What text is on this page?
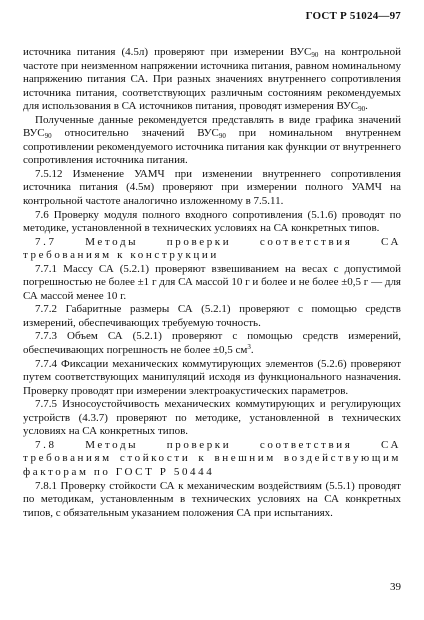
ГОСТ Р 51024—97

источника питания (4.5л) проверяют при измерении $ВУС_{90}$ на контрольной частоте при неизменном напряжении источника питания, равном номинальному напряжению питания СА. При разных значениях внутреннего сопротивления источника питания, соответствующих различным состояниям рекомендуемых для использования в СА источников питания, проводят измерения $ВУС_{90}$.

Полученные данные рекомендуется представлять в виде графика значений $ВУС_{90}$ относительно значений $ВУС_{90}$ при номинальном внутреннем сопротивлении рекомендуемого источника питания как функции от внутреннего сопротивления источника питания.

7.5.12 Изменение УАМЧ при изменении внутреннего сопротивления источника питания (4.5м) проверяют при измерении полного УАМЧ на контрольной частоте аналогично изложенному в 7.5.11.

7.6 Проверку модуля полного входного сопротивления (5.1.6) проводят по методике, установленной в технических условиях на СА конкретных типов.

7.7 Методы проверки соответствия СА требованиям к конструкции

7.7.1 Массу СА (5.2.1) проверяют взвешиванием на весах с допустимой погрешностью не более ±1 г для СА массой 10 г и более и не более ±0,5 г — для СА массой менее 10 г.

7.7.2 Габаритные размеры СА (5.2.1) проверяют с помощью средств измерений, обеспечивающих требуемую точность.

7.7.3 Объем СА (5.2.1) проверяют с помощью средств измерений, обеспечивающих погрешность не более ±0,5 $см^3$.

7.7.4 Фиксации механических коммутирующих элементов (5.2.6) проверяют путем соответствующих манипуляций исходя из функционального назначения. Проверку проводят при измерении электроакустических параметров.

7.7.5 Износоустойчивость механических коммутирующих и регулирующих устройств (4.3.7) проверяют по методике, установленной в технических условиях на СА конкретных типов.

7.8 Методы проверки соответствия СА требованиям стойкости к внешним воздействующим факторам по ГОСТ Р 50444

7.8.1 Проверку стойкости СА к механическим воздействиям (5.5.1) проводят по методикам, установленным в технических условиях на СА конкретных типов, с обязательным указанием положения СА при испытаниях.

39
